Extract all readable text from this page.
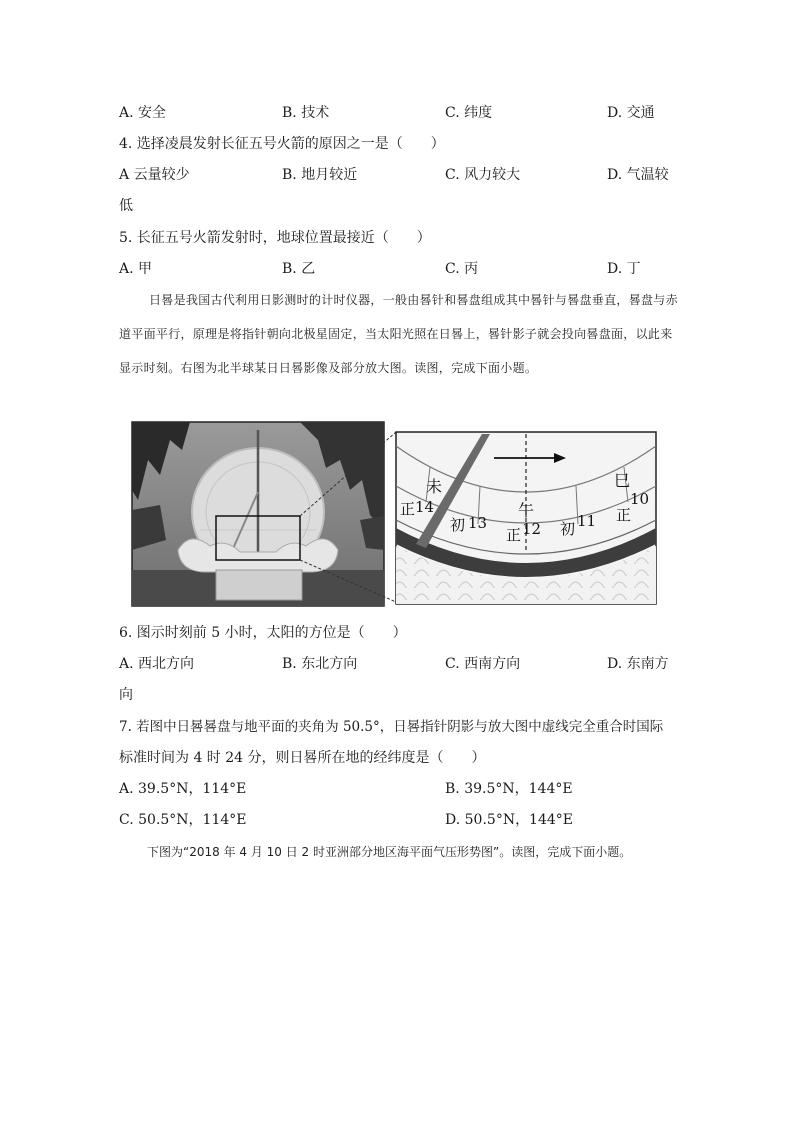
A. 安全	B. 技术	C. 纬度	D. 交通
4. 选择凌晨发射长征五号火箭的原因之一是（　　）
A 云量较少	B. 地月较近	C. 风力较大	D. 气温较
低
5. 长征五号火箭发射时，地球位置最接近（　　）
A. 甲	B. 乙	C. 丙	D. 丁
日晷是我国古代利用日影测时的计时仪器，一般由晷针和晷盘组成其中晷针与晷盘垂直，晷盘与赤道平面平行，原理是将指针朝向北极星固定，当太阳光照在日晷上，晷针影子就会投向晷盘面，以此来显示时刻。右图为北半球某日日晷影像及部分放大图。读图，完成下面小题。
未
午
巳
正 14
初 13
正 12 初 11
10
正
6. 图示时刻前 5 小时，太阳的方位是（　　）
A. 西北方向	B. 东北方向	C. 西南方向	D. 东南方
向
7. 若图中日晷晷盘与地平面的夹角为 50.5°，日晷指针阴影与放大图中虚线完全重合时国际
标准时间为 4 时 24 分，则日晷所在地的经纬度是（　　）
A. 39.5°N，114°E	B. 39.5°N，144°E
C. 50.5°N，114°E	D. 50.5°N，144°E
下图为“2018 年 4 月 10 日 2 时亚洲部分地区海平面气压形势图”。读图，完成下面小题。
